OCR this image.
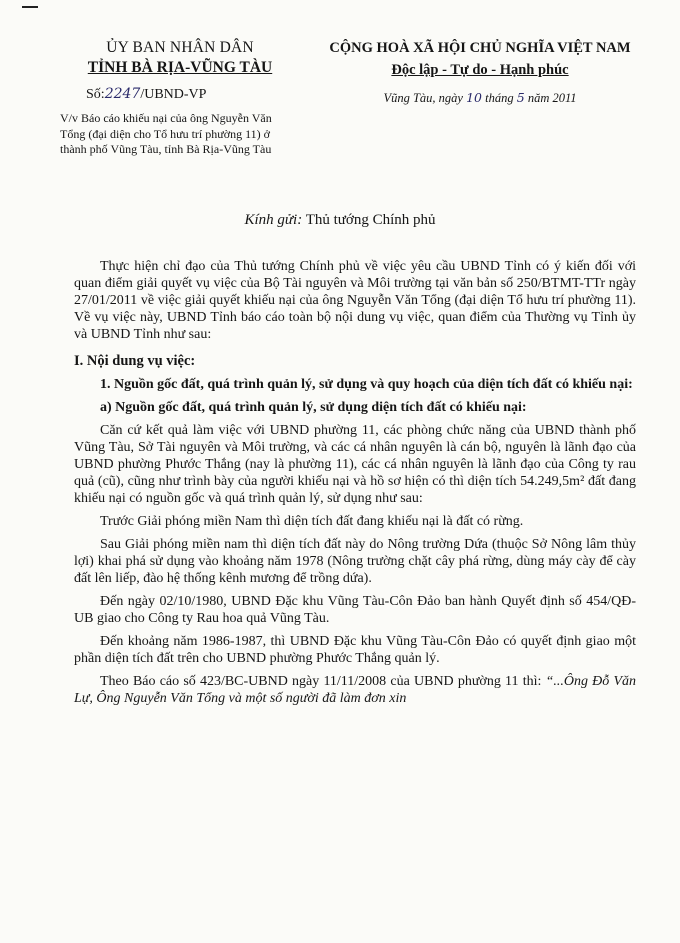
ỦY BAN NHÂN DÂN

TỈNH BÀ RỊA-VŨNG TÀU

Số:2247/UBND-VP
V/v Báo cáo khiếu nại của ông Nguyễn Văn Tổng (đại diện cho Tổ hưu trí phường 11) ở thành phố Vũng Tàu, tỉnh Bà Rịa-Vũng Tàu

CỘNG HOÀ XÃ HỘI CHỦ NGHĨA VIỆT NAM

Độc lập - Tự do - Hạnh phúc

Vũng Tàu, ngày 10 tháng 5 năm 2011
Kính gửi: Thủ tướng Chính phủ

Thực hiện chỉ đạo của Thủ tướng Chính phủ về việc yêu cầu UBND Tỉnh có ý kiến đối với quan điểm giải quyết vụ việc của Bộ Tài nguyên và Môi trường tại văn bản số 250/BTMT-TTr ngày 27/01/2011 về việc giải quyết khiếu nại của ông Nguyễn Văn Tổng (đại diện Tổ hưu trí phường 11). Về vụ việc này, UBND Tỉnh báo cáo toàn bộ nội dung vụ việc, quan điểm của Thường vụ Tỉnh ủy và UBND Tỉnh như sau:

I. Nội dung vụ việc:

1. Nguồn gốc đất, quá trình quản lý, sử dụng và quy hoạch của diện tích đất có khiếu nại:

a) Nguồn gốc đất, quá trình quản lý, sử dụng diện tích đất có khiếu nại:

Căn cứ kết quả làm việc với UBND phường 11, các phòng chức năng của UBND thành phố Vũng Tàu, Sở Tài nguyên và Môi trường, và các cá nhân nguyên là cán bộ, nguyên là lãnh đạo của UBND phường Phước Thắng (nay là phường 11), các cá nhân nguyên là lãnh đạo của Công ty rau quả (cũ), cũng như trình bày của người khiếu nại và hồ sơ hiện có thì diện tích 54.249,5m² đất đang khiếu nại có nguồn gốc và quá trình quản lý, sử dụng như sau:

Trước Giải phóng miền Nam thì diện tích đất đang khiếu nại là đất có rừng.

Sau Giải phóng miền nam thì diện tích đất này do Nông trường Dứa (thuộc Sở Nông lâm thủy lợi) khai phá sử dụng vào khoảng năm 1978 (Nông trường chặt cây phá rừng, dùng máy cày để cày đất lên liếp, đào hệ thống kênh mương để trồng dứa).

Đến ngày 02/10/1980, UBND Đặc khu Vũng Tàu-Côn Đảo ban hành Quyết định số 454/QĐ-UB giao cho Công ty Rau hoa quả Vũng Tàu.

Đến khoảng năm 1986-1987, thì UBND Đặc khu Vũng Tàu-Côn Đảo có quyết định giao một phần diện tích đất trên cho UBND phường Phước Thắng quản lý.

Theo Báo cáo số 423/BC-UBND ngày 11/11/2008 của UBND phường 11 thì: “...Ông Đỗ Văn Lự, Ông Nguyễn Văn Tổng và một số người đã làm đơn xin
